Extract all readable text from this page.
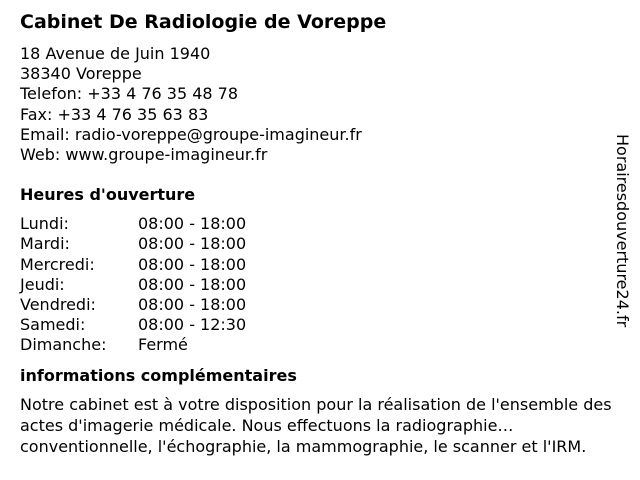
Cabinet De Radiologie de Voreppe
18 Avenue de Juin 1940
38340 Voreppe
Telefon: +33 4 76 35 48 78
Fax: +33 4 76 35 63 83
Email: radio-voreppe@groupe-imagineur.fr
Web: www.groupe-imagineur.fr
Heures d'ouverture
Lundi:	08:00 - 18:00
Mardi:	08:00 - 18:00
Mercredi:	08:00 - 18:00
Jeudi:	08:00 - 18:00
Vendredi:	08:00 - 18:00
Samedi:	08:00 - 12:30
Dimanche:	Fermé
informations complémentaires
Notre cabinet est à votre disposition pour la réalisation de l'ensemble des actes d'imagerie médicale. Nous effectuons la radiographie conventionnelle, l'échographie, la mammographie, le scanner et l'IRM.
Horairesdouverture24.fr
